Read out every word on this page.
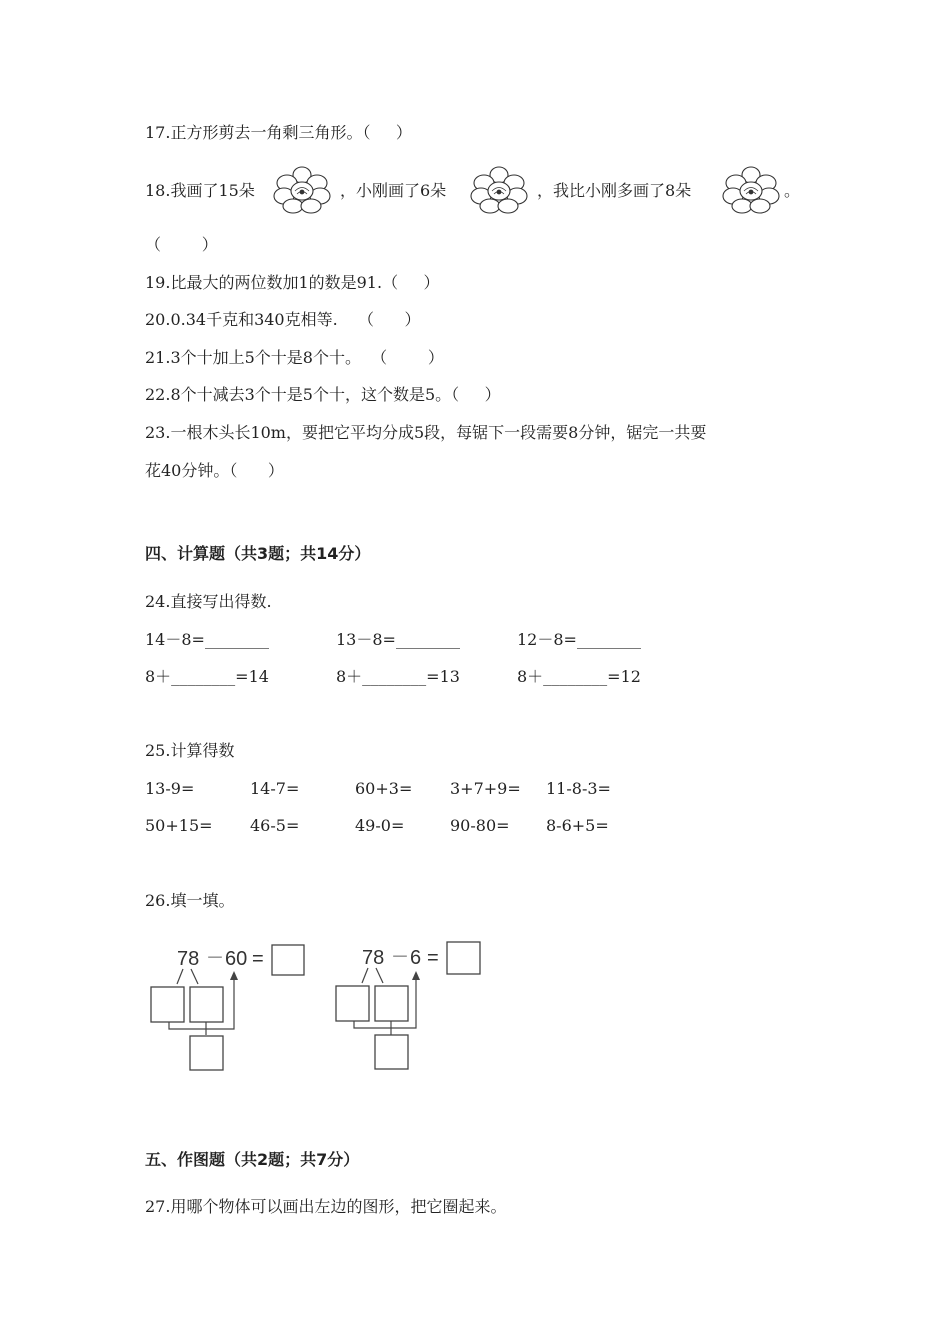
17.正方形剪去一角剩三角形。（     ）
18.我画了15朵	，小刚画了6朵	，我比小刚多画了8朵	。
（        ）
19.比最大的两位数加1的数是91.（     ）
20.0.34千克和340克相等.    （      ）
21.3个十加上5个十是8个十。  （        ）
22.8个十减去3个十是5个十，这个数是5。（     ）
23.一根木头长10m，要把它平均分成5段，每锯下一段需要8分钟，锯完一共要
花40分钟。（      ）
四、计算题（共3题；共14分）
24.直接写出得数.
14－8=________	13－8=________	12－8=________
8＋________=14	8＋________=13	8＋________=12
25.计算得数
13-9=	14-7=	60+3= 3+7+9= 11-8-3=
50+15= 46-5=	49-0=	90-80= 8-6+5=
26.填一填。
78 － 60 =	78 － 6 =
五、作图题（共2题；共7分）
27.用哪个物体可以画出左边的图形，把它圈起来。
